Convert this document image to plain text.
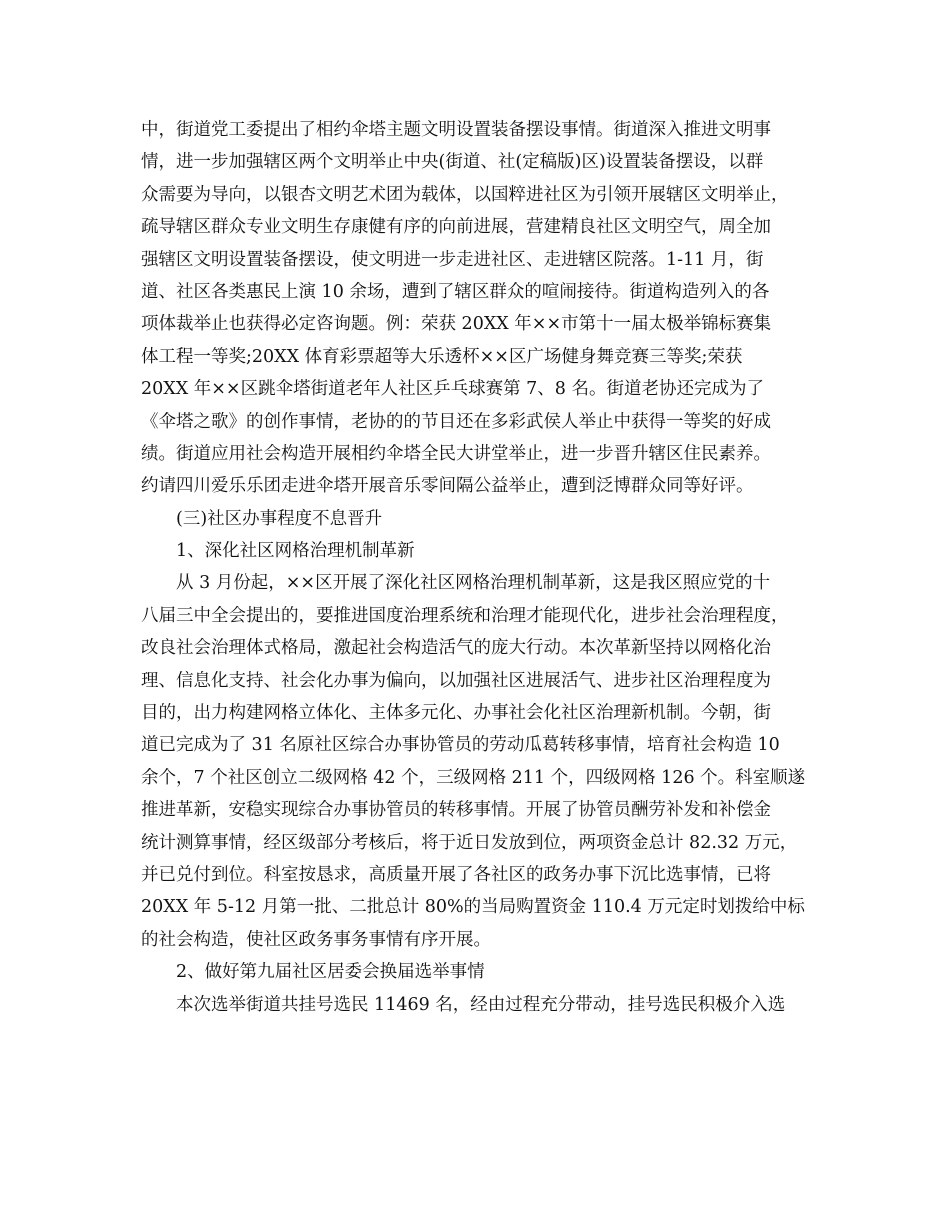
中，街道党工委提出了相约伞塔主题文明设置装备摆设事情。街道深入推进文明事
情，进一步加强辖区两个文明举止中央(街道、社(定稿版)区)设置装备摆设，以群
众需要为导向，以银杏文明艺术团为载体，以国粹进社区为引领开展辖区文明举止，
疏导辖区群众专业文明生存康健有序的向前进展，营建精良社区文明空气，周全加
强辖区文明设置装备摆设，使文明进一步走进社区、走进辖区院落。1-11 月，街
道、社区各类惠民上演 10 余场，遭到了辖区群众的喧闹接待。街道构造列入的各
项体裁举止也获得必定咨询题。例：荣获 20XX 年××市第十一届太极举锦标赛集
体工程一等奖;20XX 体育彩票超等大乐透杯××区广场健身舞竞赛三等奖;荣获
20XX 年××区跳伞塔街道老年人社区乒乓球赛第 7、8 名。街道老协还完成为了
《伞塔之歌》的创作事情，老协的的节目还在多彩武侯人举止中获得一等奖的好成
绩。街道应用社会构造开展相约伞塔全民大讲堂举止，进一步晋升辖区住民素养。
约请四川爱乐乐团走进伞塔开展音乐零间隔公益举止，遭到泛博群众同等好评。
(三)社区办事程度不息晋升
1、深化社区网格治理机制革新
从 3 月份起，××区开展了深化社区网格治理机制革新，这是我区照应党的十
八届三中全会提出的，要推进国度治理系统和治理才能现代化，进步社会治理程度，
改良社会治理体式格局，激起社会构造活气的庞大行动。本次革新坚持以网格化治
理、信息化支持、社会化办事为偏向，以加强社区进展活气、进步社区治理程度为
目的，出力构建网格立体化、主体多元化、办事社会化社区治理新机制。今朝，街
道已完成为了 31 名原社区综合办事协管员的劳动瓜葛转移事情，培育社会构造 10
余个，7 个社区创立二级网格 42 个，三级网格 211 个，四级网格 126 个。科室顺遂
推进革新，安稳实现综合办事协管员的转移事情。开展了协管员酬劳补发和补偿金
统计测算事情，经区级部分考核后，将于近日发放到位，两项资金总计 82.32 万元，
并已兑付到位。科室按恳求，高质量开展了各社区的政务办事下沉比选事情，已将
20XX 年 5-12 月第一批、二批总计 80%的当局购置资金 110.4 万元定时划拨给中标
的社会构造，使社区政务事务事情有序开展。
2、做好第九届社区居委会换届选举事情
本次选举街道共挂号选民 11469 名，经由过程充分带动，挂号选民积极介入选
